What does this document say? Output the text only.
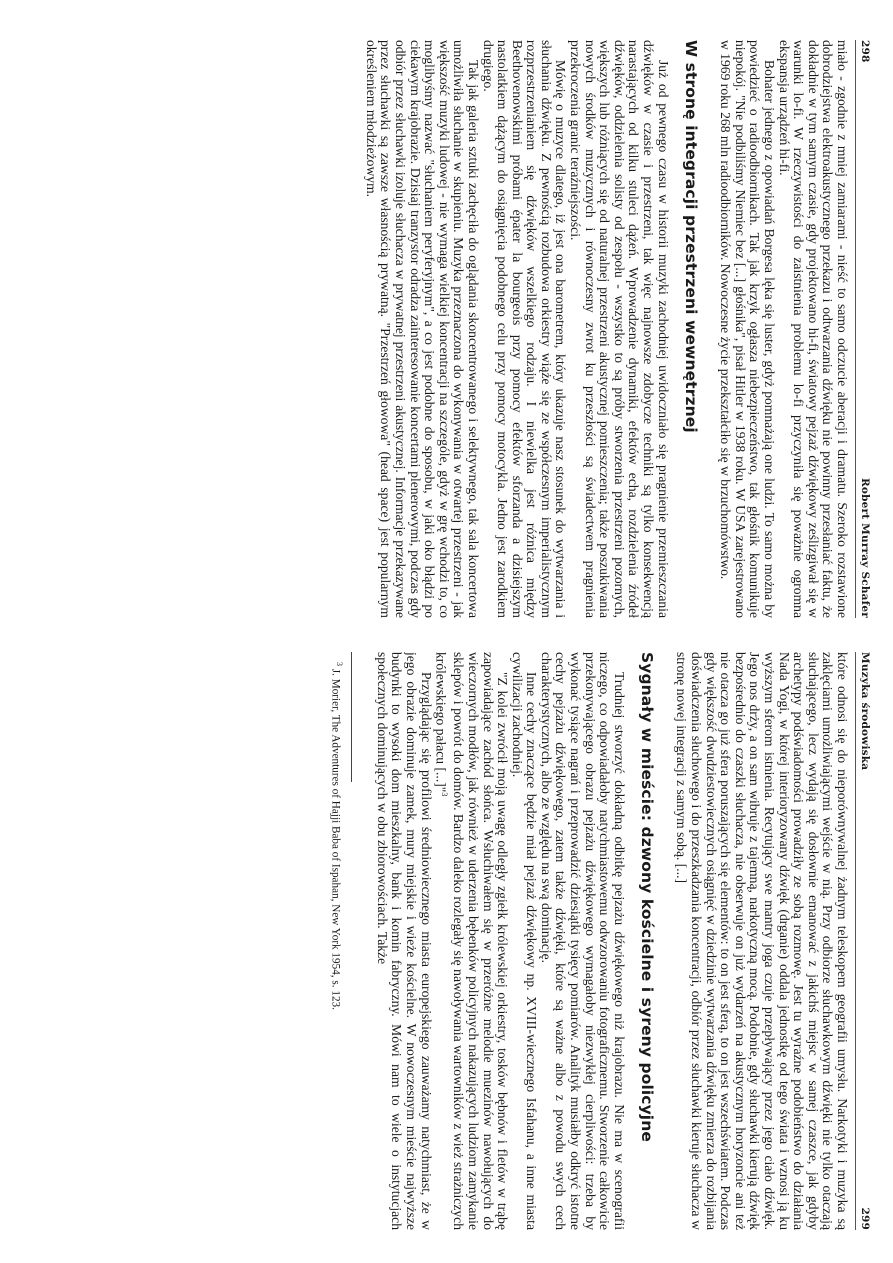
298
Robert Murray Schafer

miało - zgodnie z mniej zamiarami - nieść to samo odczucie aberacji i dramatu. Szeroko rozstawione dobrodziejstwa elektroakustycznego przekazu i odtwarzania dźwięku nie powinny przesłaniać faktu, że dokładnie w tym samym czasie, gdy projektowano hi-fi, światowy pejzaż dźwiękowy ześlizgiwał się w warunki lo-fi. W rzeczywistości do zaistnienia problemu lo-fi przyczyniła się poważnie ogromna ekspansja urządzeń hi-fi.

Bohater jednego z opowiadań Borgesa lęka się luster, gdyż pomnażają one ludzi. To samo można by powiedzieć o radioodbiornikach. Tak jak krzyk ogłasza niebezpieczeństwo, tak głośnik komunikuje niepokój. "Nie podbiliśmy Niemiec bez [...] głośnika", pisał Hitler w 1938 roku. W USA zarejestrowano w 1969 roku 268 mln radioodbiorników. Nowoczesne życie przekształciło się w brzuchomówstwo.

W stronę integracji przestrzeni wewnętrznej

Już od pewnego czasu w historii muzyki zachodniej uwidoczniało się pragnienie przemieszczania dźwięków w czasie i przestrzeni, tak więc najnowsze zdobycze techniki są tylko konsekwencją narastających od kilku stuleci dążeń. Wprowadzenie dynamiki, efektów echa, rozdzielenia źródeł dźwięków, oddzielenia solisty od zespołu - wszystko to są próby stworzenia przestrzeni pozornych, większych lub różniących się od naturalnej przestrzeni akustycznej pomieszczenia; także poszukiwania nowych środków muzycznych i równoczesny zwrot ku przeszłości są świadectwem pragnienia przekroczenia granic teraźniejszości.

Mówię o muzyce dlatego, iż jest ona barometrem, który ukazuje nasz stosunek do wytwarzania i słuchania dźwięku. Z pewnością rozbudowa orkiestry wiąże się ze współczesnym imperialistycznym rozprzestrzenianiem się dźwięków wszelkiego rodzaju. I niewielka jest różnica między Beethovenowskimi próbami épater la bourgeois przy pomocy efektów sforzanda a dzisiejszym nastolatkiem dążącym do osiągnięcia podobnego celu przy pomocy motocykla. Jedno jest zarodkiem drugiego.

Tak jak galeria sztuki zachęciła do oglądania skoncentrowanego i selektywnego, tak sala koncertowa umożliwiła słuchanie w skupieniu. Muzyka przeznaczona do wykonywania w otwartej przestrzeni - jak większość muzyki ludowej - nie wymaga wielkiej koncentracji na szczególe, gdyż w grę wchodzi to, co moglibyśmy nazwać "słuchaniem peryferyjnym", a co jest podobne do sposobu, w jaki oko błądzi po ciekawym krajobrazie. Dzisiaj tranzystor odradza zainteresowanie koncertami plenerowymi, podczas gdy odbiór przez słuchawki izoluje słuchacza w prywatnej przestrzeni akustycznej. Informacje przekazywane przez słuchawki są zawsze własnością prywatną. "Przestrzeń głowowa" (head space) jest popularnym określeniem młodzieżowym.

Muzyka środowiska
299

które odnosi się do nieporównywalnej żadnym teleskopem geografii umysłu. Narkotyki i muzyka są zaklęciami umożliwiającymi wejście w nią. Przy odbiorze słuchawkowym dźwięki nie tylko otaczają słuchającego, lecz wydają się dosłownie emanować z jakichś miejsc w samej czaszce, jak gdyby archetypy podświadomości prowadziły ze sobą rozmowę. Jest tu wyraźne podobieństwo do działania Nada Yogi, w której interioryzowany dźwięk (drganie) oddala jednostkę od tego świata i wznosi ją ku wyższym sferom istnienia. Recytujący swe mantry joga czuje przepływający przez jego ciało dźwięk. Jego nos drży, a on sam wibruje z tajemną, narkotyczną mocą. Podobnie, gdy słuchawki kierują dźwięk bezpośrednio do czaszki słuchacza, nie obserwuje on już wydarzeń na akustycznym horyzoncie ani też nie otacza go już sfera poruszających się elementów: to on jest sferą, to on jest wszechświatem. Podczas gdy większość dwudziestowiecznych osiągnięć w dziedzinie wytwarzania dźwięku zmierza do rozbijania doświadczenia słuchowego i do przeszkadzania koncentracji, odbiór przez słuchawki kieruje słuchacza w stronę nowej integracji z samym sobą. [...]

Sygnały w mieście: dzwony kościelne i syreny policyjne

Trudniej stworzyć dokładną odbitkę pejzażu dźwiękowego niż krajobrazu. Nie ma w scenografii niczego, co odpowiadałoby natychmiastowemu odwzorowaniu fotograficznemu. Stworzenie całkowicie przekonywającego obrazu pejzażu dźwiękowego wymagałoby niezwykłej cierpliwości: trzeba by wykonać tysiące nagrań i przeprowadzić dziesiątki tysięcy pomiarów. Analityk musiałby odkryć istotne cechy pejzażu dźwiękowego, zatem także dźwięki, które są ważne albo z powodu swych cech charakterystycznych, albo ze względu na swą dominację.

Inne cechy znaczące będzie miał pejzaż dźwiękowy np. XVIII-wiecznego Isfahanu, a inne miasta cywilizacji zachodniej.

"Z kolei zwrócił moją uwagę odległy zgiełk królewskiej orkiestry, tosków bębnów i fletów w trąbę zapowiadające zachód słońca. Wsłuchiwałem się w przeróżne melodie muezinów nawołujących do wieczornych modłów, jak również w uderzenia bębenków policyjnych nakazujących ludziom zamykanie sklepów i powrót do domów. Bardzo daleko rozlegały się nawoływania wartowników z wież strażniczych królewskiego pałacu [...]"$^3$

Przyglądając się profilowi średniowiecznego miasta europejskiego zauważamy natychmiast, że w jego obrazie dominuje zamek, mury miejskie i wieże kościelne. W nowoczesnym mieście najwyższe budynki to wysoki dom mieszkalny, bank i komin fabryczny. Mówi nam to wiele o instytucjach społecznych dominujących w obu zbiorowościach. Także

$^3$ J. Morier, The Adventures of Hajji Baba of Ispahan, New York 1954, s. 123.
